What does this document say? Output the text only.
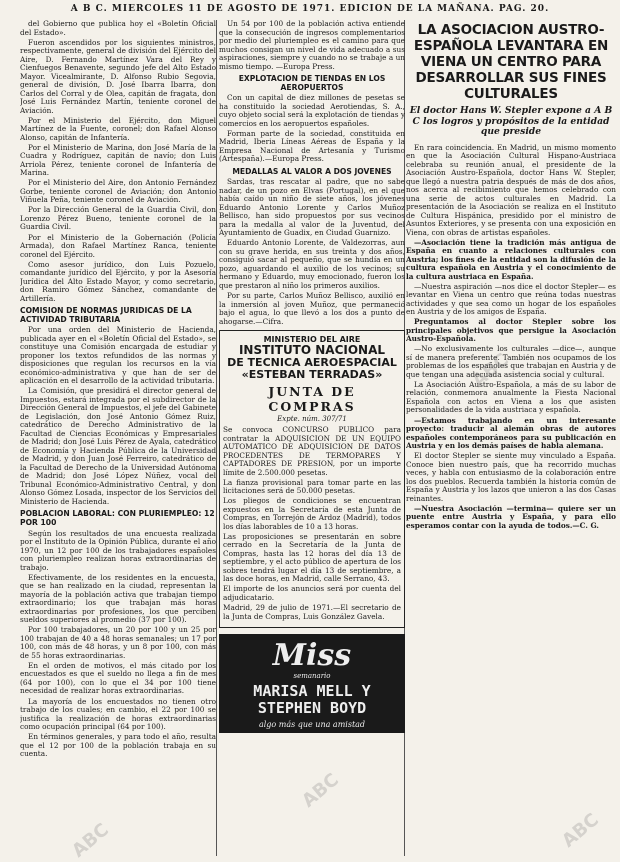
A B C. MIERCOLES 11 DE AGOSTO DE 1971. EDICION DE LA MAÑANA. PAG. 20.

del Gobierno que publica hoy el «Boletín Oficial del Estado».

Fueron ascendidos por los siguientes ministros, respectivamente, general de división del Ejército del Aire, D. Fernando Martínez Vara del Rey y Cienfuegos Benavente, segundo jefe del Alto Estado Mayor. Vicealmirante, D. Alfonso Rubio Segovia, general de división, D. José Ibarra Ibarra, don Carlos del Corral y de Olea, capitán de fragata, don José Luis Fernández Martín, teniente coronel de Aviación.

Por el Ministerio del Ejército, don Miguel Martínez de la Fuente, coronel; don Rafael Alonso Alonso, capitán de Infantería.

Por el Ministerio de Marina, don José María de la Cuadra y Rodríguez, capitán de navío; don Luis Arriola Pérez, teniente coronel de Infantería de Marina.

Por el Ministerio del Aire, don Antonio Fernández Gorbe, teniente coronel de Aviación; don Antonio Viñuela Peña, teniente coronel de Aviación.

Por la Dirección General de la Guardia Civil, don Lorenzo Pérez Bueno, teniente coronel de la Guardia Civil.

Por el Ministerio de la Gobernación (Policía Armada), don Rafael Martínez Ranca, teniente coronel del Ejército.

Como asesor jurídico, don Luis Pozuelo, comandante jurídico del Ejército, y por la Asesoría Jurídica del Alto Estado Mayor, y como secretario, don Ramiro Gómez Sánchez, comandante de Artillería.

COMISION DE NORMAS JURIDICAS DE LA ACTIVIDAD TRIBUTARIA

Por una orden del Ministerio de Hacienda, publicada ayer en el «Boletín Oficial del Estado», se constituye una Comisión encargada de estudiar y proponer los textos refundidos de las normas y disposiciones que regulan los recursos en la vía económico-administrativa y que han de ser de aplicación en el desarrollo de la actividad tributaria.

La Comisión, que presidirá el director general de Impuestos, estará integrada por el subdirector de la Dirección General de Impuestos, el jefe del Gabinete de Legislación, don José Antonio Gómez Ruiz, catedrático de Derecho Administrativo de la Facultad de Ciencias Económicas y Empresariales de Madrid; don José Luis Pérez de Ayala, catedrático de Economía y Hacienda Pública de la Universidad de Madrid, y don Juan José Ferreiro, catedrático de la Facultad de Derecho de la Universidad Autónoma de Madrid; don José López Núñez, vocal del Tribunal Económico-Administrativo Central, y don Alonso Gómez Losada, inspector de los Servicios del Ministerio de Hacienda.

POBLACION LABORAL: CON PLURIEMPLEO: 12 POR 100

Según los resultados de una encuesta realizada por el Instituto de la Opinión Pública, durante el año 1970, un 12 por 100 de los trabajadores españoles con pluriempleo realizan horas extraordinarias de trabajo.

Efectivamente, de los residentes en la encuesta, que se han realizado en la ciudad, representan la mayoría de la población activa que trabajan tiempo extraordinario; los que trabajan más horas extraordinarias por profesiones, los que perciben sueldos superiores al promedio (37 por 100).

Por 100 trabajadores, un 20 por 100 y un 25 por 100 trabajan de 40 a 48 horas semanales; un 17 por 100, con más de 48 horas, y un 8 por 100, con más de 55 horas extraordinarias.

En el orden de motivos, el más citado por los encuestados es que el sueldo no llega a fin de mes (64 por 100), con lo que el 34 por 100 tiene necesidad de realizar horas extraordinarias.

La mayoría de los encuestados no tienen otro trabajo de los cuales; en cambio, el 22 por 100 se justifica la realización de horas extraordinarias como ocupación principal (64 por 100).

En términos generales, y para todo el año, resulta que el 12 por 100 de la población trabaja en su cuenta.

Un 54 por 100 de la población activa entiende que la consecución de ingresos complementarios por medio del pluriempleo es el camino para que muchos consigan un nivel de vida adecuado a sus aspiraciones, siempre y cuando no se trabaje a un mismo tiempo. —Europa Press.

EXPLOTACION DE TIENDAS EN LOS AEROPUERTOS

Con un capital de diez millones de pesetas se ha constituido la sociedad Aerotiendas, S. A., cuyo objeto social será la explotación de tiendas y comercios en los aeropuertos españoles.

Forman parte de la sociedad, constituida en Madrid, Iberia Líneas Aéreas de España y la Empresa Nacional de Artesanía y Turismo (Artespaña).—Europa Press.

MEDALLAS AL VALOR A DOS JOVENES

Sardas, tras rescatar al padre, que no sabe nadar, de un pozo en Elvas (Portugal), en el que había caído un niño de siete años, los jóvenes Eduardo Antonio Lorente y Carlos Muñoz Bellisco, han sido propuestos por sus vecinos para la medalla al valor de la Juventud, del Ayuntamiento de Guadix, en Ciudad Guarnizo.

Eduardo Antonio Lorente, de Valdezorras, aun con su grave herida, en sus treinta y dos años, consiguió sacar al pequeño, que se hundía en un pozo, aguardando el auxilio de los vecinos; su hermano y Eduardo, muy emocionado, fueron los que prestaron al niño los primeros auxilios.

Por su parte, Carlos Muñoz Bellisco, auxilió en la inmersión al joven Muñoz, que permaneció bajo el agua, lo que llevó a los dos a punto de ahogarse.—Cifra.

MINISTERIO DEL AIRE
INSTITUTO NACIONAL
DE TECNICA AEROESPACIAL
«ESTEBAN TERRADAS»
JUNTA DE COMPRAS
Expte. núm. 307/71

Se convoca CONCURSO PUBLICO para contratar la ADQUISICION DE UN EQUIPO AUTOMATICO DE ADQUISICION DE DATOS PROCEDENTES DE TERMOPARES Y CAPTADORES DE PRESION, por un importe límite de 2.500.000 pesetas.

La fianza provisional para tomar parte en las licitaciones será de 50.000 pesetas.

Los pliegos de condiciones se encuentran expuestos en la Secretaría de esta Junta de Compras, en Torrejón de Ardoz (Madrid), todos los días laborables de 10 a 13 horas.

Las proposiciones se presentarán en sobre cerrado en la Secretaría de la Junta de Compras, hasta las 12 horas del día 13 de septiembre, y el acto público de apertura de los sobres tendrá lugar el día 13 de septiembre, a las doce horas, en Madrid, calle Serrano, 43.

El importe de los anuncios será por cuenta del adjudicatario.

Madrid, 29 de julio de 1971.—El secretario de la Junta de Compras, Luis González Gavela.

Miss
semanario
MARISA MELL Y
STEPHEN BOYD
algo más que una amistad
LA ASOCIACION AUSTRO-ESPAÑOLA LEVANTARA EN VIENA UN CENTRO PARA DESARROLLAR SUS FINES CULTURALES
El doctor Hans W. Stepler expone a A B C los logros y propósitos de la entidad que preside

En rara coincidencia. En Madrid, un mismo momento en que la Asociación Cultural Hispano-Austriaca celebraba su reunión anual, el presidente de la Asociación Austro-Española, doctor Hans W. Stepler, que llegó a nuestra patria después de más de dos años, nos acerca al recibimiento que hemos celebrado con una serie de actos culturales en Madrid. La presentación de la Asociación se realiza en el Instituto de Cultura Hispánica, presidido por el ministro de Asuntos Exteriores, y se presenta con una exposición en Viena, con obras de artistas españoles.

—Asociación tiene la tradición más antigua de España en cuanto a relaciones culturales con Austria; los fines de la entidad son la difusión de la cultura española en Austria y el conocimiento de la cultura austriaca en España.

—Nuestra aspiración —nos dice el doctor Stepler— es levantar en Viena un centro que reúna todas nuestras actividades y que sea como un hogar de los españoles en Austria y de los amigos de España.

Preguntamos al doctor Stepler sobre los principales objetivos que persigue la Asociación Austro-Española.

—No exclusivamente los culturales —dice—, aunque sí de manera preferente. También nos ocupamos de los problemas de los españoles que trabajan en Austria y de que tengan una adecuada asistencia social y cultural.

La Asociación Austro-Española, a más de su labor de relación, conmemora anualmente la Fiesta Nacional Española con actos en Viena a los que asisten personalidades de la vida austriaca y española.

—Estamos trabajando en un interesante proyecto: traducir al alemán obras de autores españoles contemporáneos para su publicación en Austria y en los demás países de habla alemana.

El doctor Stepler se siente muy vinculado a España. Conoce bien nuestro país, que ha recorrido muchas veces, y habla con entusiasmo de la colaboración entre los dos pueblos. Recuerda también la historia común de España y Austria y los lazos que unieron a las dos Casas reinantes.

—Nuestra Asociación —termina— quiere ser un puente entre Austria y España, y para ello esperamos contar con la ayuda de todos.—C. G.

ABC
ABC
ABC
ABC
